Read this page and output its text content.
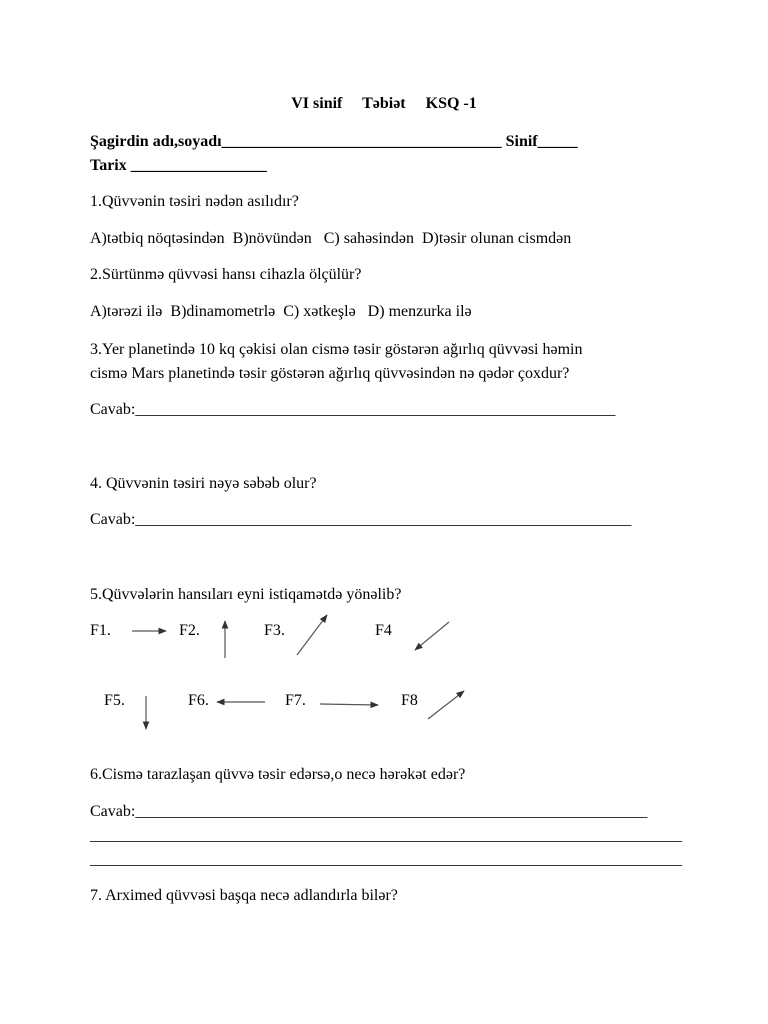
VI sinif     Təbiət     KSQ -1
Şagirdin adı,soyadı___________________________________ Sinif_____
Tarix _________________
1.Qüvvənin təsiri nədən asılıdır?
A)tətbiq nöqtəsindən  B)növündən   C) sahəsindən  D)təsir olunan cismdən
2.Sürtünmə qüvvəsi hansı cihazla ölçülür?
A)tərəzi ilə  B)dinamometrlə  C) xətkeşlə   D) menzurka ilə
3.Yer planetində 10 kq çəkisi olan cismə təsir göstərən ağırlıq qüvvəsi həmin
cismə Mars planetində təsir göstərən ağırlıq qüvvəsindən nə qədər çoxdur?
Cavab:____________________________________________________________
4. Qüvvənin təsiri nəyə səbəb olur?
Cavab:______________________________________________________________
5.Qüvvələrin hansıları eyni istiqamətdə yönəlib?
F1.	F2.	F3.	F4
F5.	F6.	F7.	F8
6.Cismə tarazlaşan qüvvə təsir edərsə,o necə hərəkət edər?
Cavab:________________________________________________________________
__________________________________________________________________________
__________________________________________________________________________
7. Arximed qüvvəsi başqa necə adlandırla bilər?
